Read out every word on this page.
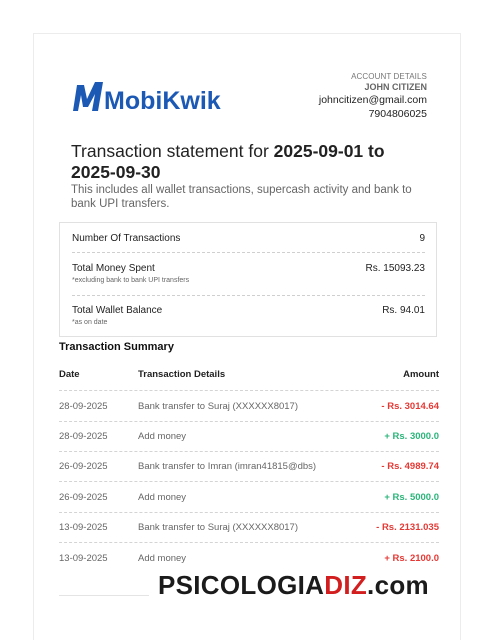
MobiKwik
ACCOUNT DETAILS
JOHN CITIZEN
johncitizen@gmail.com
7904806025
Transaction statement for 2025-09-01 to 2025-09-30
This includes all wallet transactions, supercash activity and bank to bank UPI transfers.
Number Of Transactions	9
Total Money Spent	Rs. 15093.23
*excluding bank to bank UPI transfers
Total Wallet Balance	Rs. 94.01
*as on date
Transaction Summary
Date	Transaction Details	Amount
28-09-2025	Bank transfer to Suraj (XXXXXX8017)	- Rs. 3014.64
28-09-2025	Add money	+ Rs. 3000.0
26-09-2025	Bank transfer to Imran (imran41815@dbs)	- Rs. 4989.74
26-09-2025	Add money	+ Rs. 5000.0
13-09-2025	Bank transfer to Suraj (XXXXXX8017)	- Rs. 2131.035
13-09-2025	Add money	+ Rs. 2100.0
PSICOLOGIADIZ.com
